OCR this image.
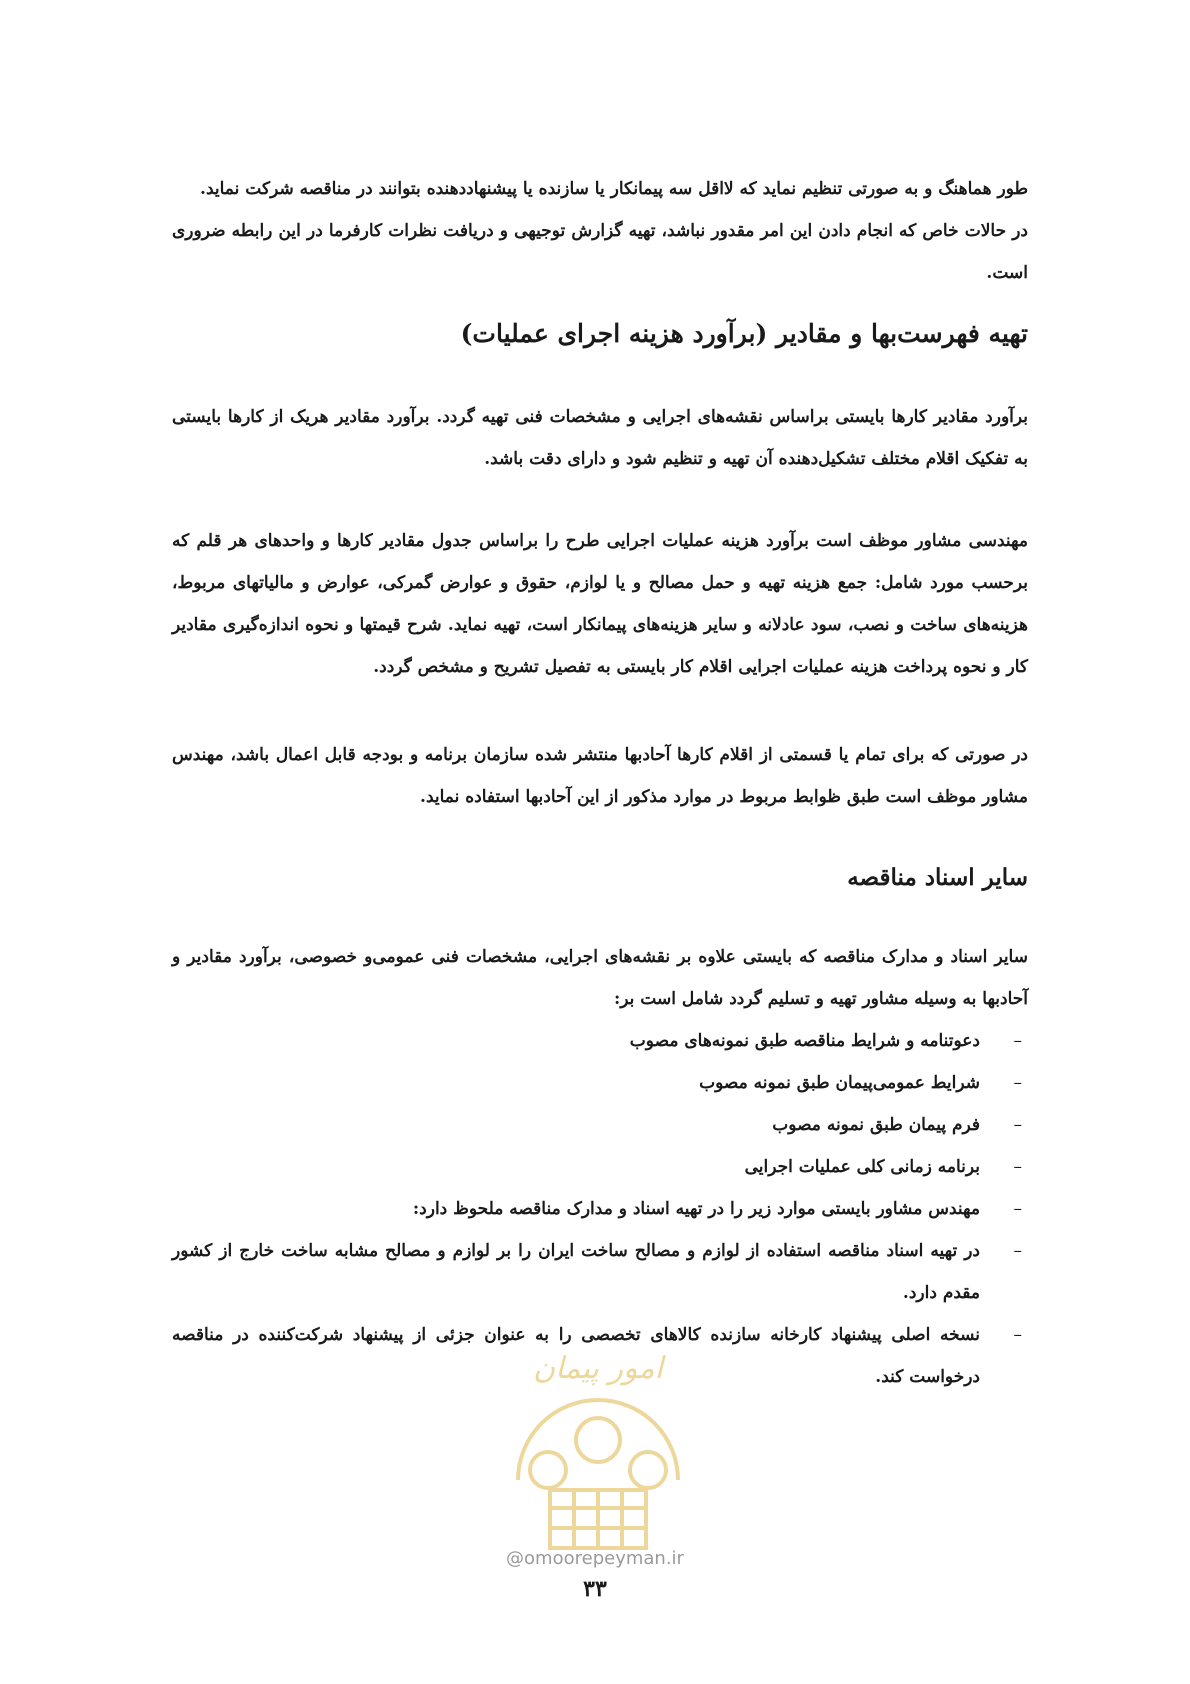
طور هماهنگ و به صورتی تنظیم نماید که لااقل سه پیمانکار یا سازنده یا پیشنهاددهنده بتوانند در مناقصه شرکت نماید.

در حالات خاص که انجام دادن این امر مقدور نباشد، تهیه گزارش توجیهی و دریافت نظرات کارفرما در این رابطه ضروری است.

تهیه فهرست‌بها و مقادیر (برآورد هزینه اجرای عملیات)

برآورد مقادیر کارها بایستی براساس نقشه‌های اجرایی و مشخصات فنی تهیه گردد. برآورد مقادیر هریک از کارها بایستی به تفکیک اقلام مختلف تشکیل‌دهنده آن تهیه و تنظیم شود و دارای دقت باشد.

مهندسی مشاور موظف است برآورد هزینه عملیات اجرایی طرح را براساس جدول مقادیر کارها و واحدهای هر قلم که برحسب مورد شامل: جمع هزینه تهیه و حمل مصالح و یا لوازم، حقوق و عوارض گمرکی، عوارض و مالیاتهای مربوط، هزینه‌های ساخت و نصب، سود عادلانه و سایر هزینه‌های پیمانکار است، تهیه نماید. شرح قیمتها و نحوه اندازه‌گیری مقادیر کار و نحوه پرداخت هزینه عملیات اجرایی اقلام کار بایستی به تفصیل تشریح و مشخص گردد.

در صورتی که برای تمام یا قسمتی از اقلام کارها آحادبها منتشر شده سازمان برنامه و بودجه قابل اعمال باشد، مهندس مشاور موظف است طبق ظوابط مربوط در موارد مذکور از این آحادبها استفاده نماید.

سایر اسناد مناقصه

سایر اسناد و مدارک مناقصه که بایستی علاوه بر نقشه‌های اجرایی، مشخصات فنی عمومی‌و خصوصی، برآورد مقادیر و آحادبها به وسیله مشاور تهیه و تسلیم گردد شامل است بر:

–
دعوتنامه و شرایط مناقصه طبق نمونه‌های مصوب
–
شرایط عمومی‌پیمان طبق نمونه مصوب
–
فرم پیمان طبق نمونه مصوب
–
برنامه زمانی کلی عملیات اجرایی
–
مهندس مشاور بایستی موارد زیر را در تهیه اسناد و مدارک مناقصه ملحوظ دارد:
–
در تهیه اسناد مناقصه استفاده از لوازم و مصالح ساخت ایران را بر لوازم و مصالح مشابه ساخت خارج از کشور مقدم دارد.
–
نسخه اصلی پیشنهاد کارخانه سازنده کالاهای تخصصی را به عنوان جزئی از پیشنهاد شرکت‌کننده در مناقصه درخواست کند.
امور پیمان
@omoorepeyman.ir
۳۳
